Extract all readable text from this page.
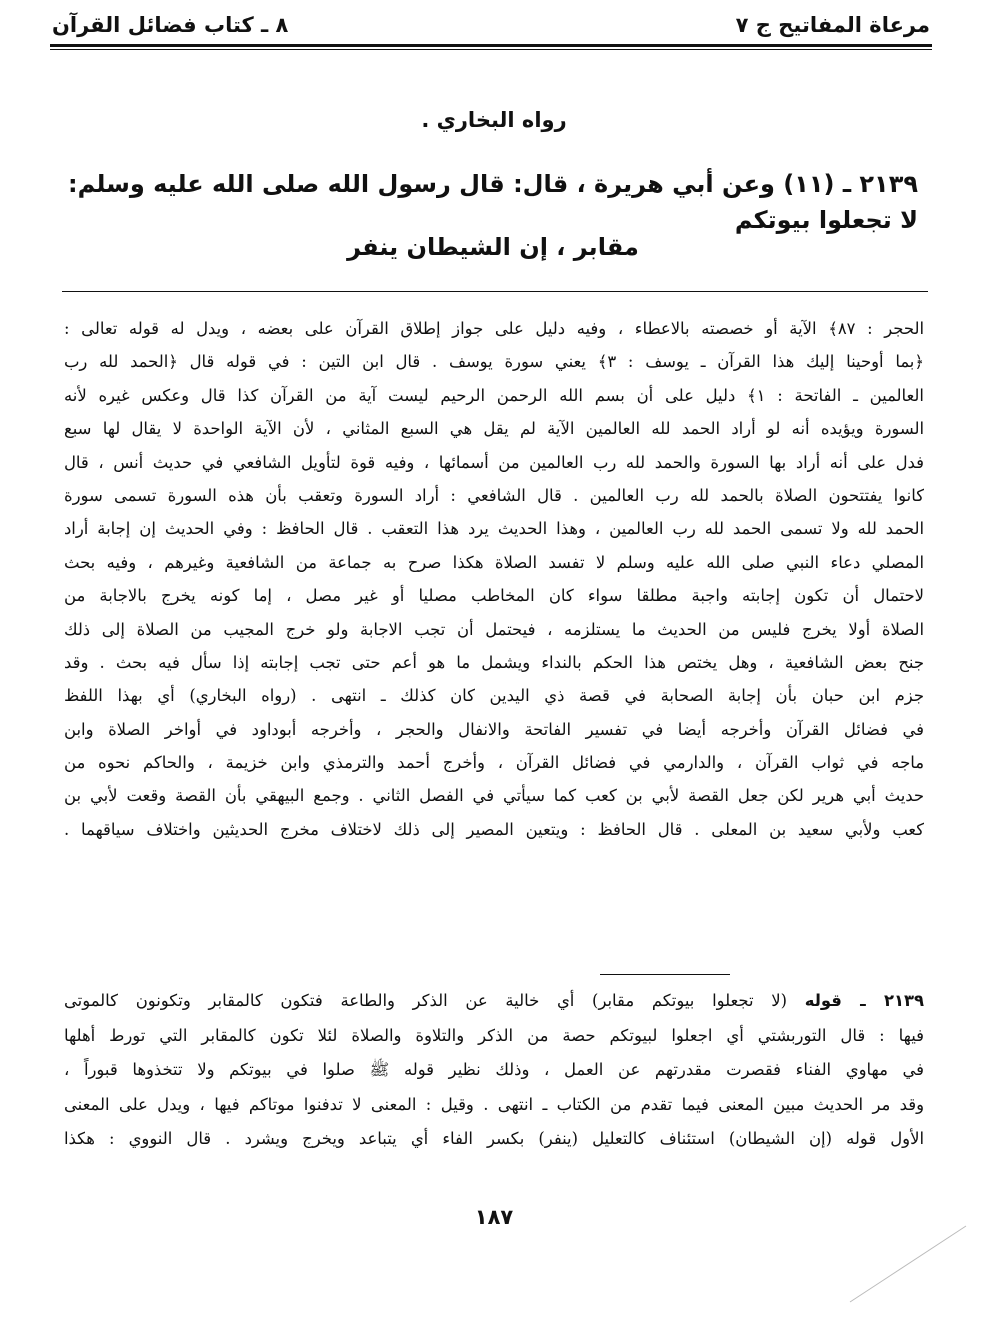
مرعاة المفاتيح ج ٧
٨ ـ كتاب فضائل القرآن
رواه البخاري .
٢١٣٩ ـ (١١) وعن أبي هريرة ، قال: قال رسول الله صلى الله عليه وسلم: لا تجعلوا بيوتكم
مقابر ، إن الشيطان ينفر
الحجر : ٨٧﴾ الآية أو خصصته بالاعطاء ، وفيه دليل على جواز إطلاق القرآن على بعضه ، ويدل له قوله تعالى :
﴿بما أوحينا إليك هذا القرآن ـ يوسف : ٣﴾ يعني سورة يوسف . قال ابن التين : في قوله قال ﴿الحمد لله رب
العالمين ـ الفاتحة : ١﴾ دليل على أن بسم الله الرحمن الرحيم ليست آية من القرآن كذا قال وعكس غيره لأنه
السورة ويؤيده أنه لو أراد الحمد لله العالمين الآية لم يقل هي السبع المثاني ، لأن الآية الواحدة لا يقال لها سبع
فدل على أنه أراد بها السورة والحمد لله رب العالمين من أسمائها ، وفيه قوة لتأويل الشافعي في حديث أنس ، قال
كانوا يفتتحون الصلاة بالحمد لله رب العالمين . قال الشافعي : أراد السورة وتعقب بأن هذه السورة تسمى سورة
الحمد لله ولا تسمى الحمد لله رب العالمين ، وهذا الحديث يرد هذا التعقب . قال الحافظ : وفي الحديث إن إجابة أراد
المصلي دعاء النبي صلى الله عليه وسلم لا تفسد الصلاة هكذا صرح به جماعة من الشافعية وغيرهم ، وفيه بحث
لاحتمال أن تكون إجابته واجبة مطلقا سواء كان المخاطب مصليا أو غير مصل ، إما كونه يخرج بالاجابة من
الصلاة أولا يخرج فليس من الحديث ما يستلزمه ، فيحتمل أن تجب الاجابة ولو خرج المجيب من الصلاة إلى ذلك
جنح بعض الشافعية ، وهل يختص هذا الحكم بالنداء ويشمل ما هو أعم حتى تجب إجابته إذا سأل فيه بحث . وقد
جزم ابن حبان بأن إجابة الصحابة في قصة ذي اليدين كان كذلك ـ انتهى . (رواه البخاري) أي بهذا اللفظ
في فضائل القرآن وأخرجه أيضا في تفسير الفاتحة والانفال والحجر ، وأخرجه أبوداود في أواخر الصلاة وابن
ماجه في ثواب القرآن ، والدارمي في فضائل القرآن ، وأخرج أحمد والترمذي وابن خزيمة ، والحاكم نحوه من
حديث أبي هرير لكن جعل القصة لأبي بن كعب كما سيأتي في الفصل الثاني . وجمع البيهقي بأن القصة وقعت لأبي بن
كعب ولأبي سعيد بن المعلى . قال الحافظ : ويتعين المصير إلى ذلك لاختلاف مخرج الحديثين واختلاف سياقهما .
٢١٣٩ ـ قوله (لا تجعلوا بيوتكم مقابر) أي خالية عن الذكر والطاعة فتكون كالمقابر وتكونون كالموتى
فيها : قال التوربشتي أي اجعلوا لبيوتكم حصة من الذكر والتلاوة والصلاة لئلا تكون كالمقابر التي تورط أهلها
في مهاوي الفناء فقصرت مقدرتهم عن العمل ، وذلك نظير قوله ﷺ صلوا في بيوتكم ولا تتخذوها قبوراً ،
وقد مر الحديث مبين المعنى فيما تقدم من الكتاب ـ انتهى . وقيل : المعنى لا تدفنوا موتاكم فيها ، ويدل على المعنى
الأول قوله (إن الشيطان) استئناف كالتعليل (ينفر) بكسر الفاء أي يتباعد ويخرج ويشرد . قال النووي : هكذا
١٨٧
